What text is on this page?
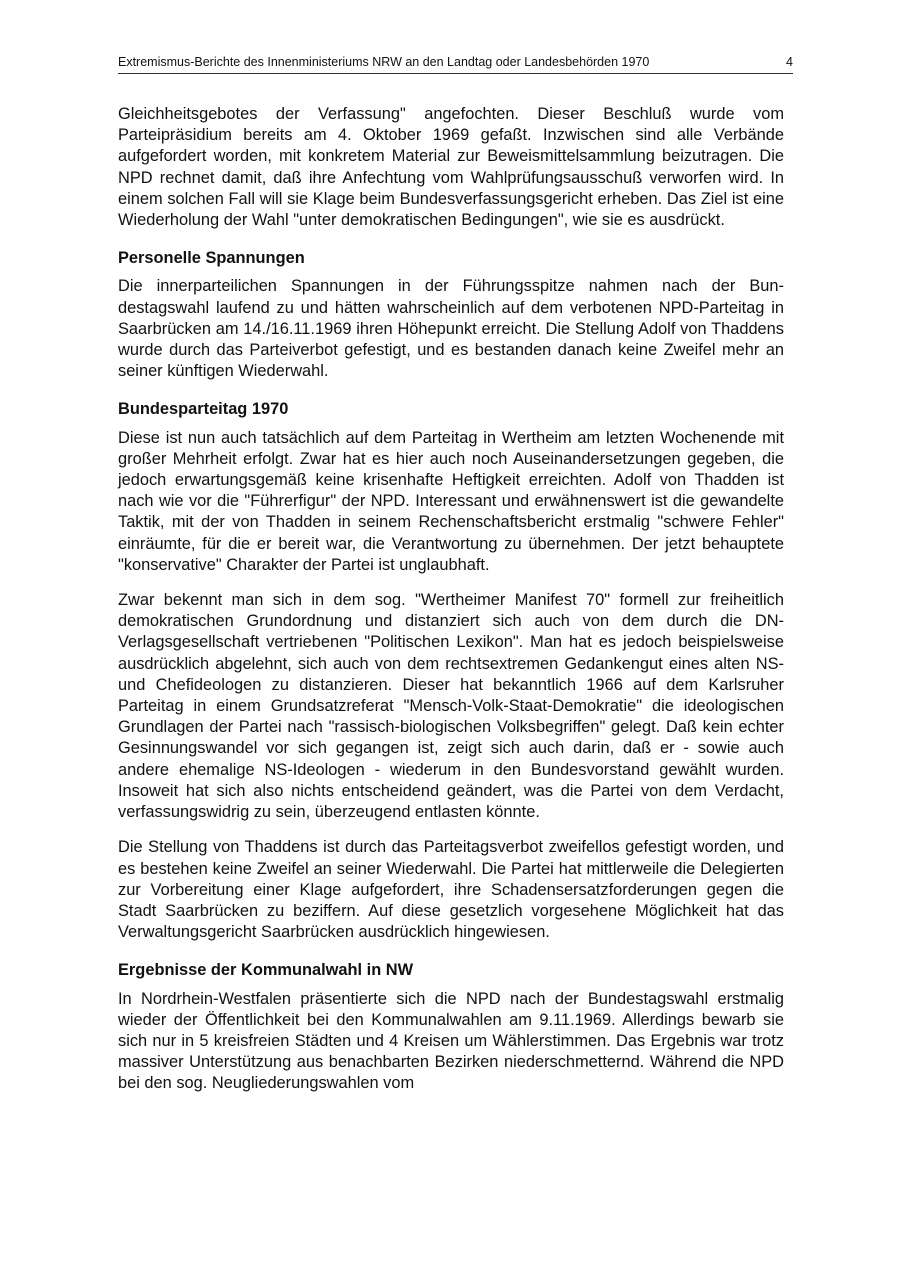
Extremismus-Berichte des Innenministeriums NRW an den Landtag oder Landesbehörden 1970	4

Gleichheitsgebotes der Verfassung" angefochten. Dieser Beschluß wurde vom Parteipräsidium bereits am 4. Oktober 1969 gefaßt. Inzwischen sind alle Verbände aufgefordert worden, mit konkretem Material zur Beweismittelsammlung beizutragen. Die NPD rechnet damit, daß ihre Anfechtung vom Wahlprüfungsausschuß verworfen wird. In einem solchen Fall will sie Klage beim Bundesverfassungsgericht erheben. Das Ziel ist eine Wiederholung der Wahl "unter demokratischen Bedingungen", wie sie es ausdrückt.

Personelle Spannungen

Die innerparteilichen Spannungen in der Führungsspitze nahmen nach der Bundestagswahl laufend zu und hätten wahrscheinlich auf dem verbotenen NPD-Parteitag in Saarbrücken am 14./16.11.1969 ihren Höhepunkt erreicht. Die Stellung Adolf von Thaddens wurde durch das Parteiverbot gefestigt, und es bestanden danach keine Zweifel mehr an seiner künftigen Wiederwahl.

Bundesparteitag 1970

Diese ist nun auch tatsächlich auf dem Parteitag in Wertheim am letzten Wochenende mit großer Mehrheit erfolgt. Zwar hat es hier auch noch Auseinandersetzungen gegeben, die jedoch erwartungsgemäß keine krisenhafte Heftigkeit erreichten. Adolf von Thadden ist nach wie vor die "Führerfigur" der NPD. Interessant und erwähnenswert ist die gewandelte Taktik, mit der von Thadden in seinem Rechenschaftsbericht erstmalig "schwere Fehler" einräumte, für die er bereit war, die Verantwortung zu übernehmen. Der jetzt behauptete "konservative" Charakter der Partei ist unglaubhaft.

Zwar bekennt man sich in dem sog. "Wertheimer Manifest 70" formell zur freiheitlich demokratischen Grundordnung und distanziert sich auch von dem durch die DN-Verlagsgesellschaft vertriebenen "Politischen Lexikon". Man hat es jedoch beispielsweise ausdrücklich abgelehnt, sich auch von dem rechtsextremen Gedankengut eines alten NS- und Chefideologen zu distanzieren. Dieser hat bekanntlich 1966 auf dem Karlsruher Parteitag in einem Grundsatzreferat "Mensch-Volk-Staat-Demokratie" die ideologischen Grundlagen der Partei nach "rassisch-biologischen Volksbegriffen" gelegt. Daß kein echter Gesinnungswandel vor sich gegangen ist, zeigt sich auch darin, daß er - sowie auch andere ehemalige NS-Ideologen - wiederum in den Bundesvorstand gewählt wurden. Insoweit hat sich also nichts entscheidend geändert, was die Partei von dem Verdacht, verfassungswidrig zu sein, überzeugend entlasten könnte.

Die Stellung von Thaddens ist durch das Parteitagsverbot zweifellos gefestigt worden, und es bestehen keine Zweifel an seiner Wiederwahl. Die Partei hat mittlerweile die Delegierten zur Vorbereitung einer Klage aufgefordert, ihre Schadensersatzforderungen gegen die Stadt Saarbrücken zu beziffern. Auf diese gesetzlich vorgesehene Möglichkeit hat das Verwaltungsgericht Saarbrücken ausdrücklich hingewiesen.

Ergebnisse der Kommunalwahl in NW

In Nordrhein-Westfalen präsentierte sich die NPD nach der Bundestagswahl erstmalig wieder der Öffentlichkeit bei den Kommunalwahlen am 9.11.1969. Allerdings bewarb sie sich nur in 5 kreisfreien Städten und 4 Kreisen um Wählerstimmen. Das Ergebnis war trotz massiver Unterstützung aus benachbarten Bezirken niederschmetternd. Während die NPD bei den sog. Neugliederungswahlen vom
